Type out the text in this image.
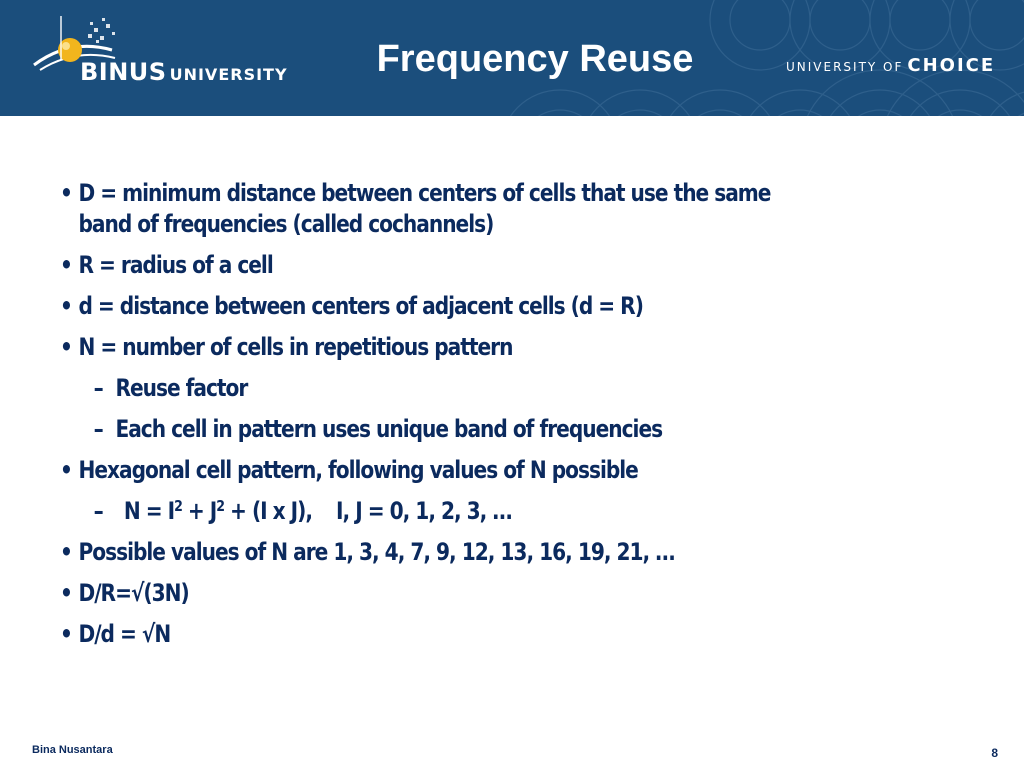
BINUS UNIVERSITY	Frequency Reuse	UNIVERSITY OF CHOICE
• D = minimum distance between centers of cells that use the same
band of frequencies (called cochannels)
• R = radius of a cell
• d = distance between centers of adjacent cells (d = R)
• N = number of cells in repetitious pattern
– Reuse factor
– Each cell in pattern uses unique band of frequencies
• Hexagonal cell pattern, following values of N possible
– $N = I^2 + J^2 + (I$ x J),    I, J = 0, 1, 2, 3, …
• Possible values of N are 1, 3, 4, 7, 9, 12, 13, 16, 19, 21, …
• D/R=√(3N)
• D/d = √N
Bina Nusantara	8
